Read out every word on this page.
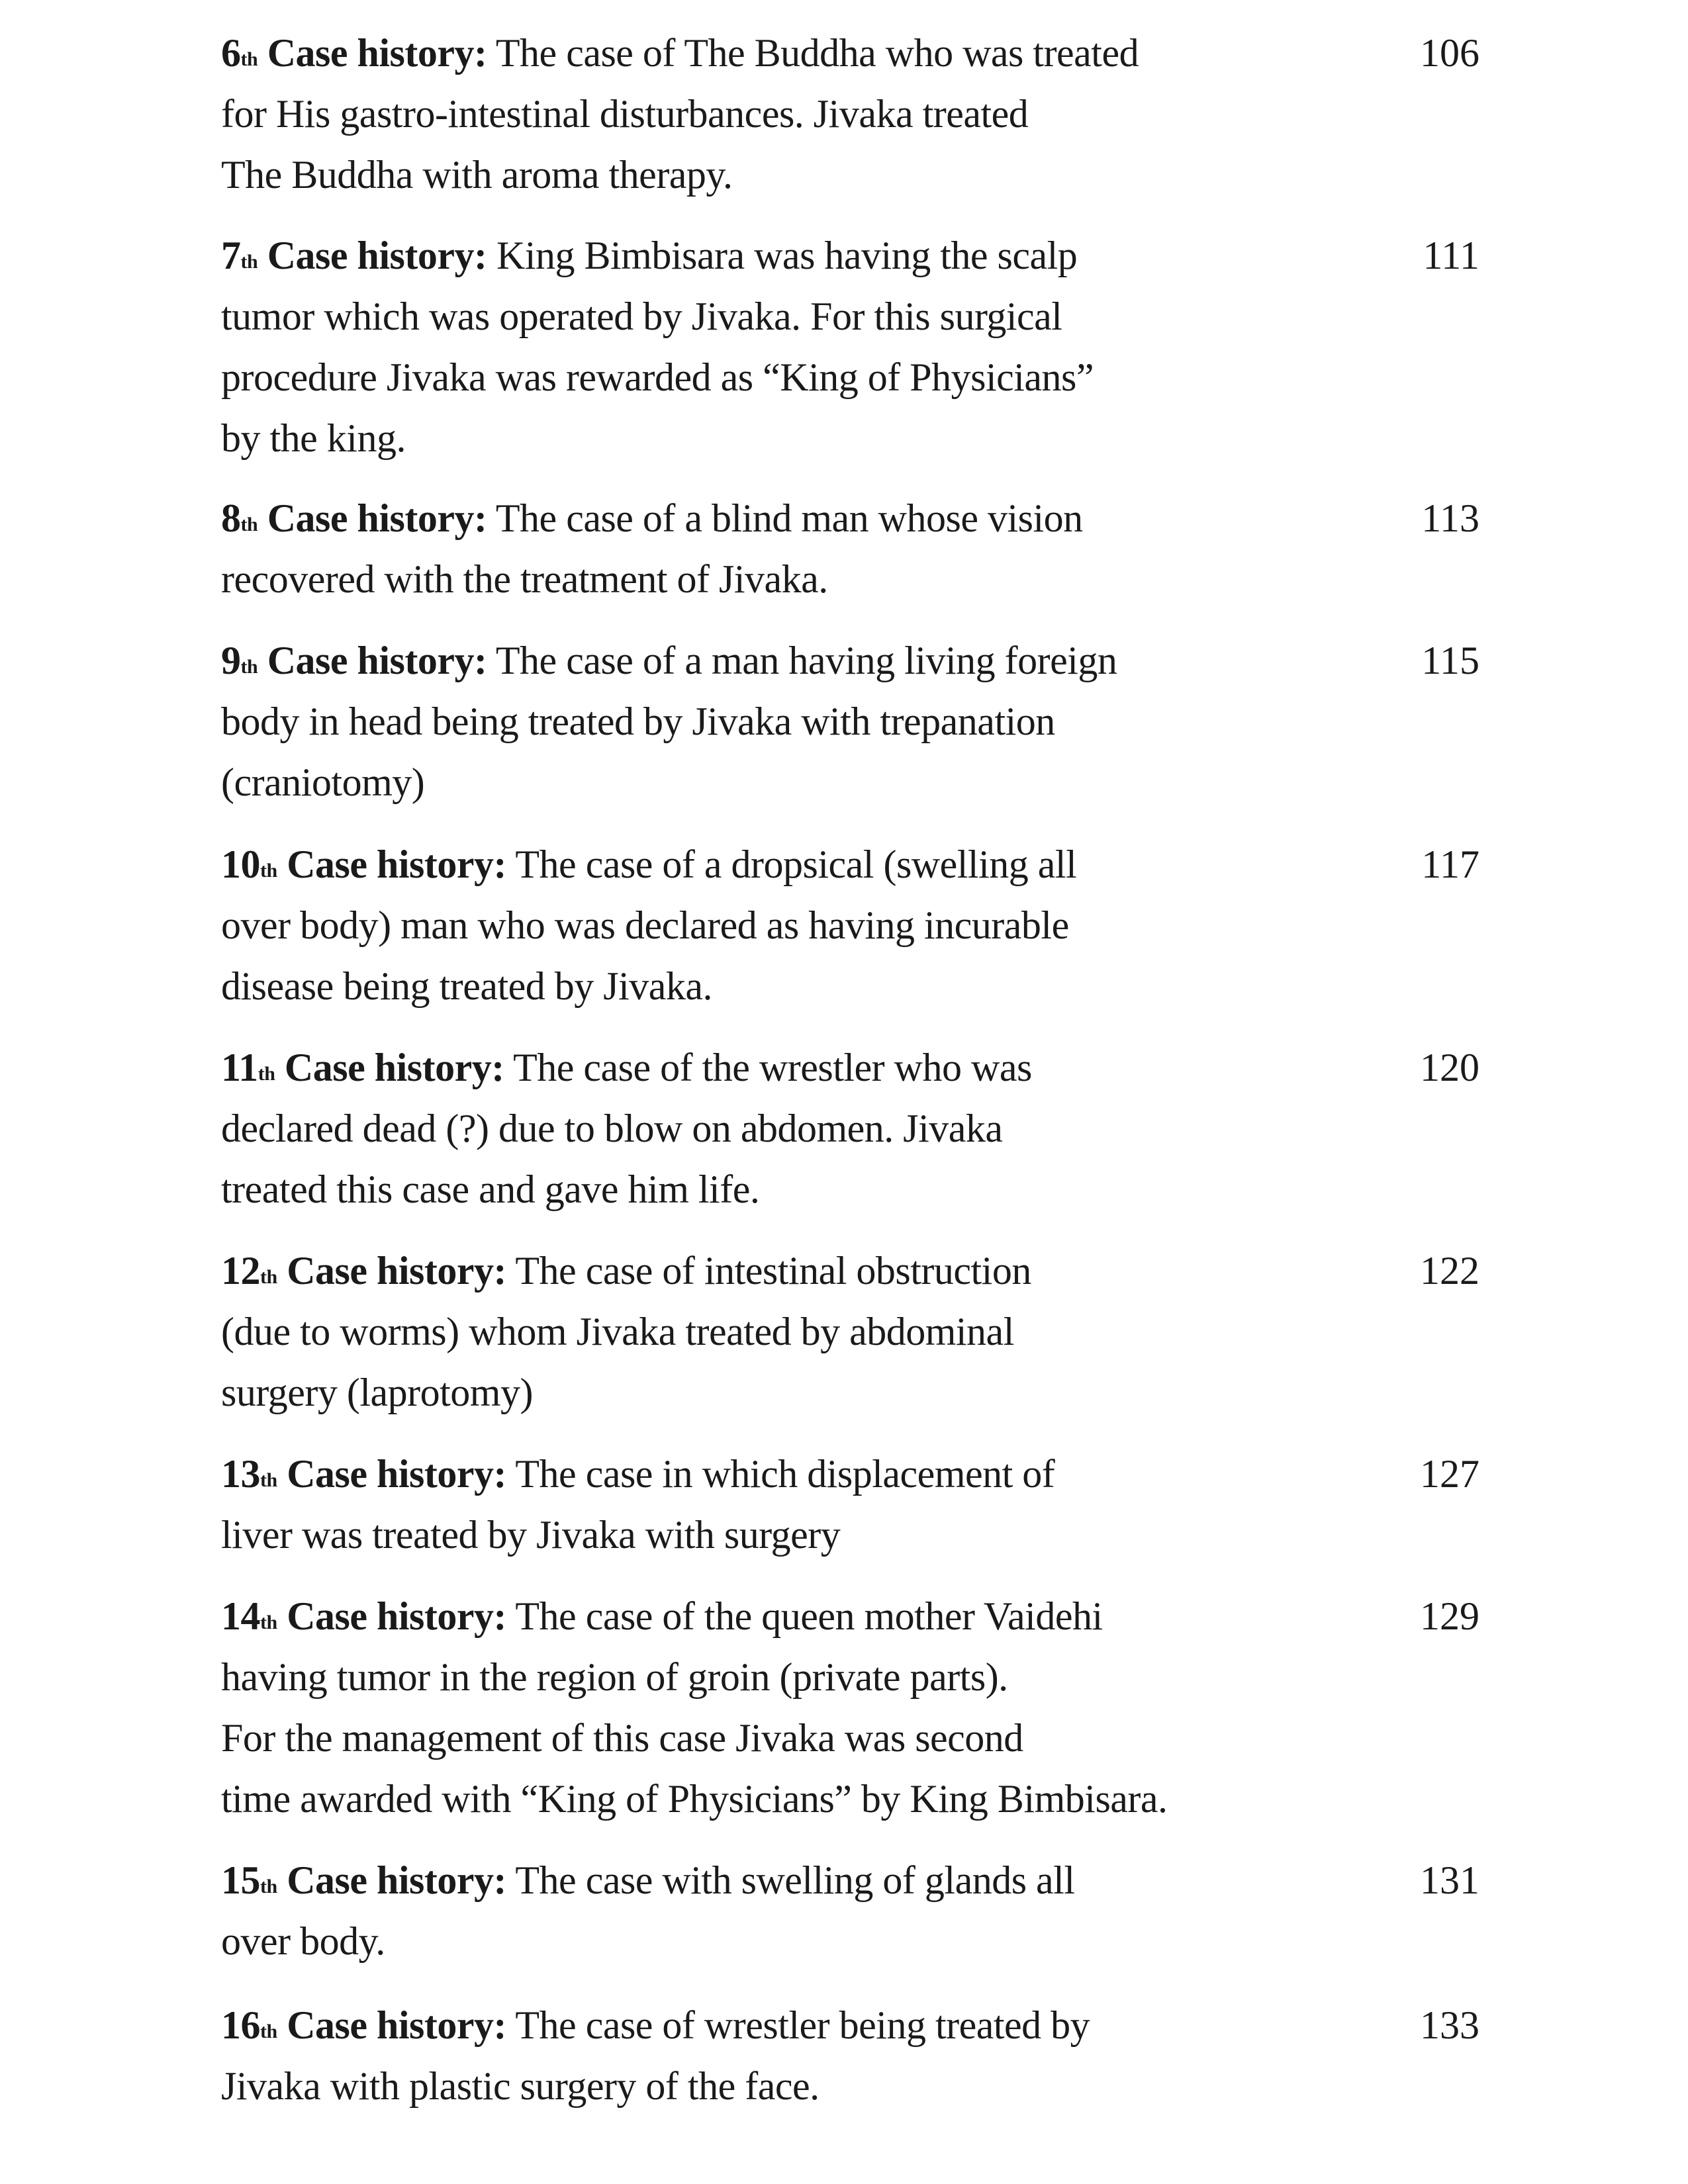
6th Case history: The case of The Buddha who was treated
for His gastro-intestinal disturbances. Jivaka treated
The Buddha with aroma therapy.
106
7th Case history: King Bimbisara was having the scalp
tumor which was operated by Jivaka. For this surgical
procedure Jivaka was rewarded as “King of Physicians”
by the king.
111
8th Case history: The case of a blind man whose vision
recovered with the treatment of Jivaka.
113
9th Case history: The case of a man having living foreign
body in head being treated by Jivaka with trepanation
(craniotomy)
115
10th Case history: The case of a dropsical (swelling all
over body) man who was declared as having incurable
disease being treated by Jivaka.
117
11th Case history: The case of the wrestler who was
declared dead (?) due to blow on abdomen. Jivaka
treated this case and gave him life.
120
12th Case history: The case of intestinal obstruction
(due to worms) whom Jivaka treated by abdominal
surgery (laprotomy)
122
13th Case history: The case in which displacement of
liver was treated by Jivaka with surgery
127
14th Case history: The case of the queen mother Vaidehi
having tumor in the region of groin (private parts).
For the management of this case Jivaka was second
time awarded with “King of Physicians” by King Bimbisara.
129
15th Case history: The case with swelling of glands all
over body.
131
16th Case history: The case of wrestler being treated by
Jivaka with plastic surgery of the face.
133
